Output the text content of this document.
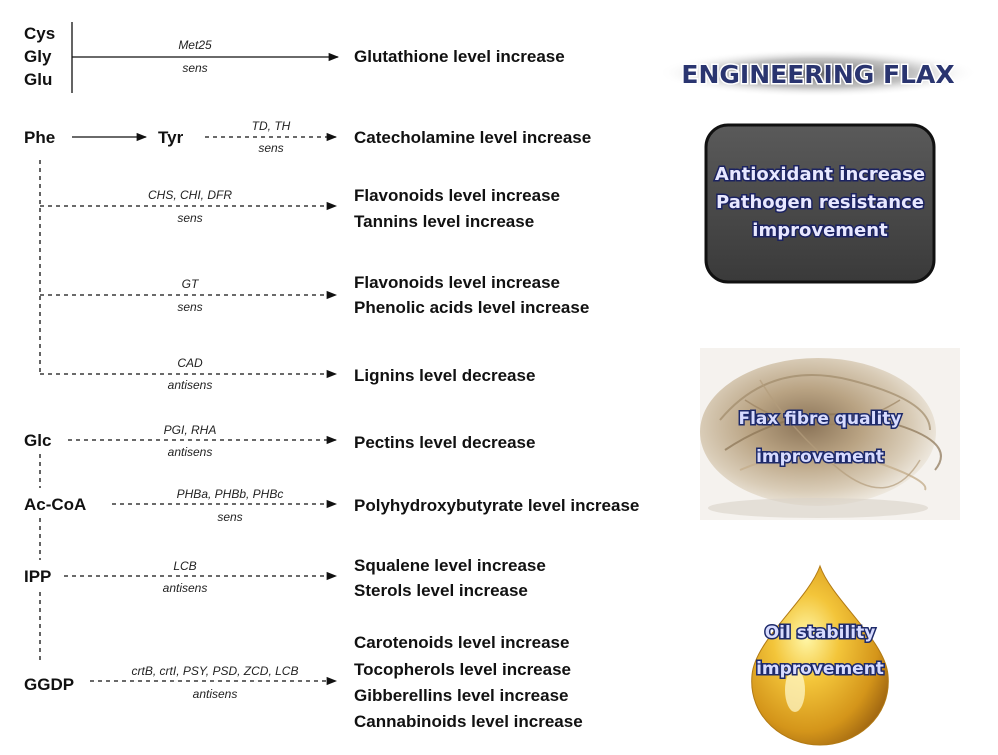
Cys
Gly
Glu
Met25
sens
Glutathione level increase
Phe	Tyr
TD, TH
sens
Catecholamine level increase
CHS, CHI, DFR
sens
Flavonoids level increase
Tannins level increase
GT
sens
Flavonoids level increase
Phenolic acids level increase
CAD
antisens	Lignins level decrease
Glc
PGI, RHA
antisens	Pectins level decrease
Ac-CoA
PHBa, PHBb, PHBc
sens
Polyhydroxybutyrate level increase
IPP
LCB
antisens
Squalene level increase
Sterols level increase
GGDP
crtB, crtI, PSY, PSD, ZCD, LCB
antisens
Carotenoids level increase
Tocopherols level increase
Gibberellins level increase
Cannabinoids level increase
ENGINEERING FLAX
Antioxidant increase
Pathogen resistance
improvement
Flax fibre quality
improvement
Oil stability
improvement
